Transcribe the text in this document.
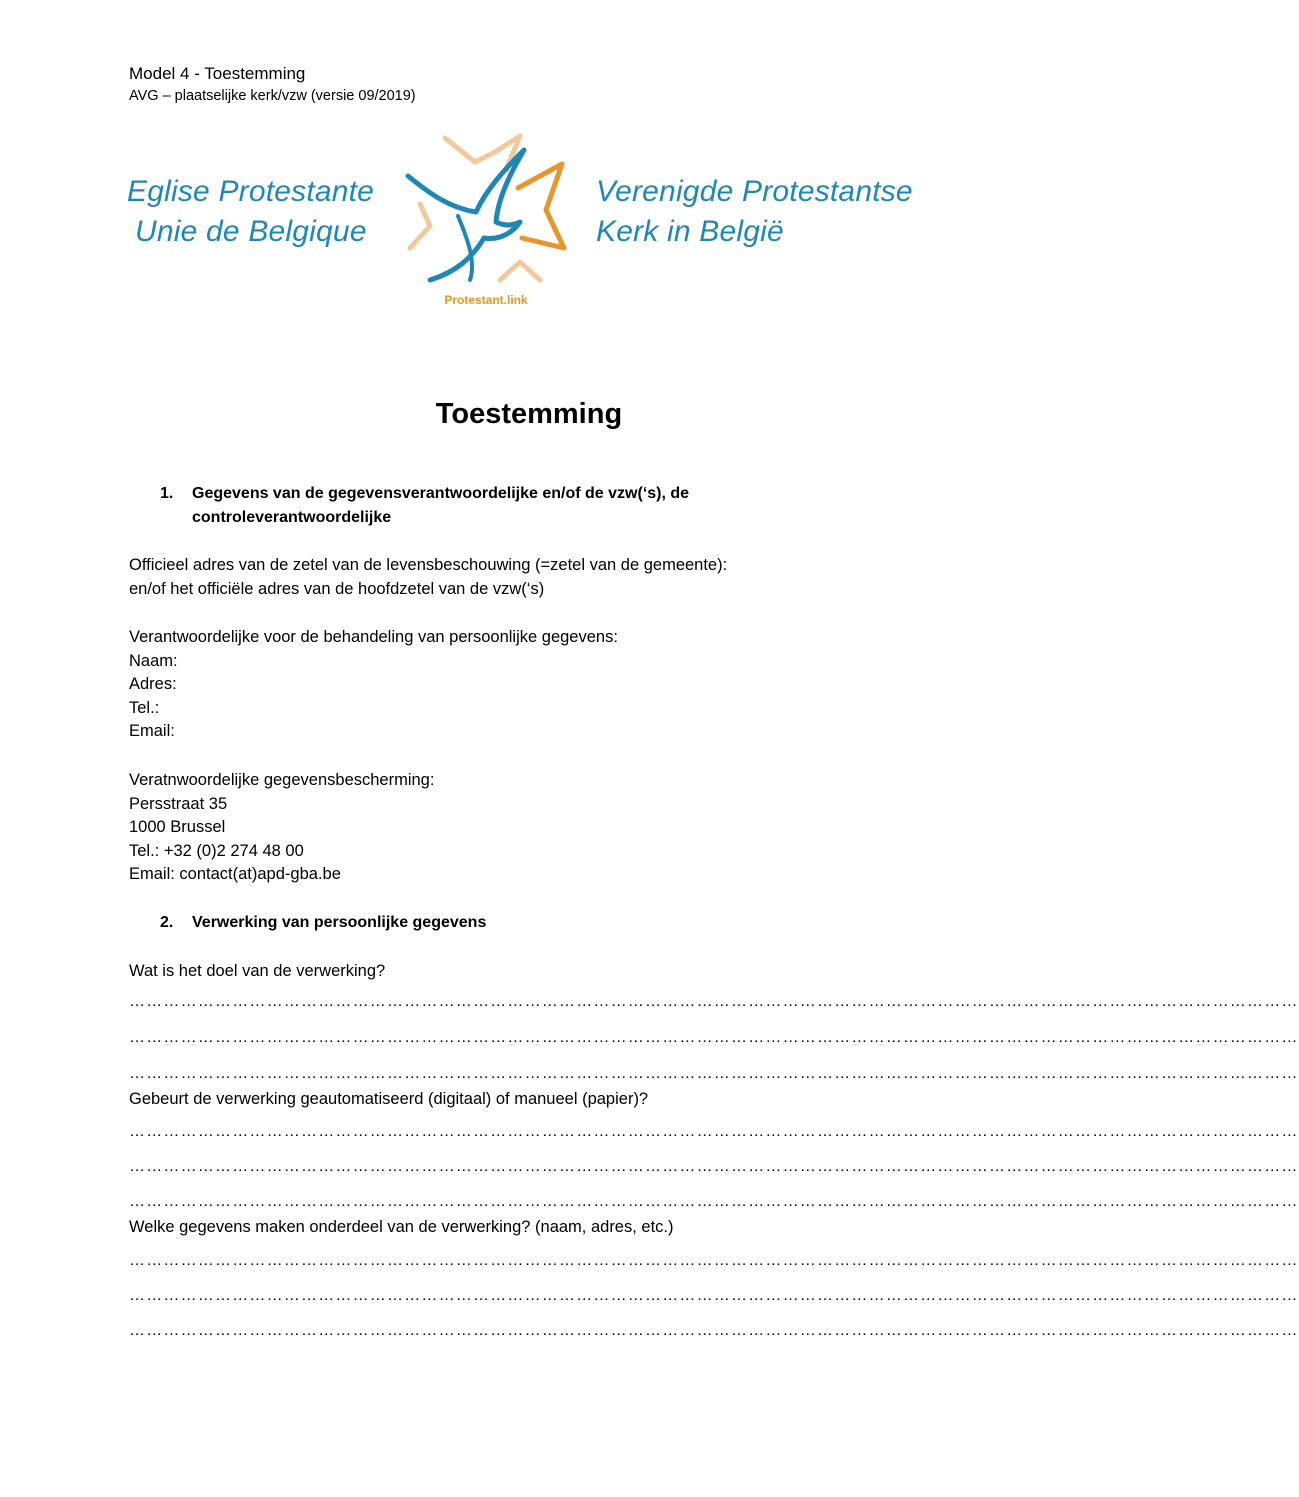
Model 4 - Toestemming
AVG – plaatselijke kerk/vzw (versie 09/2019)
Eglise Protestante
Unie de Belgique
Protestant.link
Verenigde Protestantse
Kerk in België
Toestemming
1. Gegevens van de gegevensverantwoordelijke en/of de vzw(‘s), de
controleverantwoordelijke
Officieel adres van de zetel van de levensbeschouwing (=zetel van de gemeente):
en/of het officiële adres van de hoofdzetel van de vzw(‘s)
Verantwoordelijke voor de behandeling van persoonlijke gegevens:
Naam:
Adres:
Tel.:
Email:
Veratnwoordelijke gegevensbescherming:
Persstraat 35
1000 Brussel
Tel.: +32 (0)2 274 48 00
Email: contact(at)apd-gba.be
2. Verwerking van persoonlijke gegevens
Wat is het doel van de verwerking?
……………………………………………………………………………………………………………………………………………………………………………………
……………………………………………………………………………………………………………………………………………………………………………………
……………………………………………………………………………………………………………………………………………………………………………………
Gebeurt de verwerking geautomatiseerd (digitaal) of manueel (papier)?
……………………………………………………………………………………………………………………………………………………………………………………
……………………………………………………………………………………………………………………………………………………………………………………
……………………………………………………………………………………………………………………………………………………………………………………
Welke gegevens maken onderdeel van de verwerking? (naam, adres, etc.)
……………………………………………………………………………………………………………………………………………………………………………………
……………………………………………………………………………………………………………………………………………………………………………………
……………………………………………………………………………………………………………………………………………………………………………………
